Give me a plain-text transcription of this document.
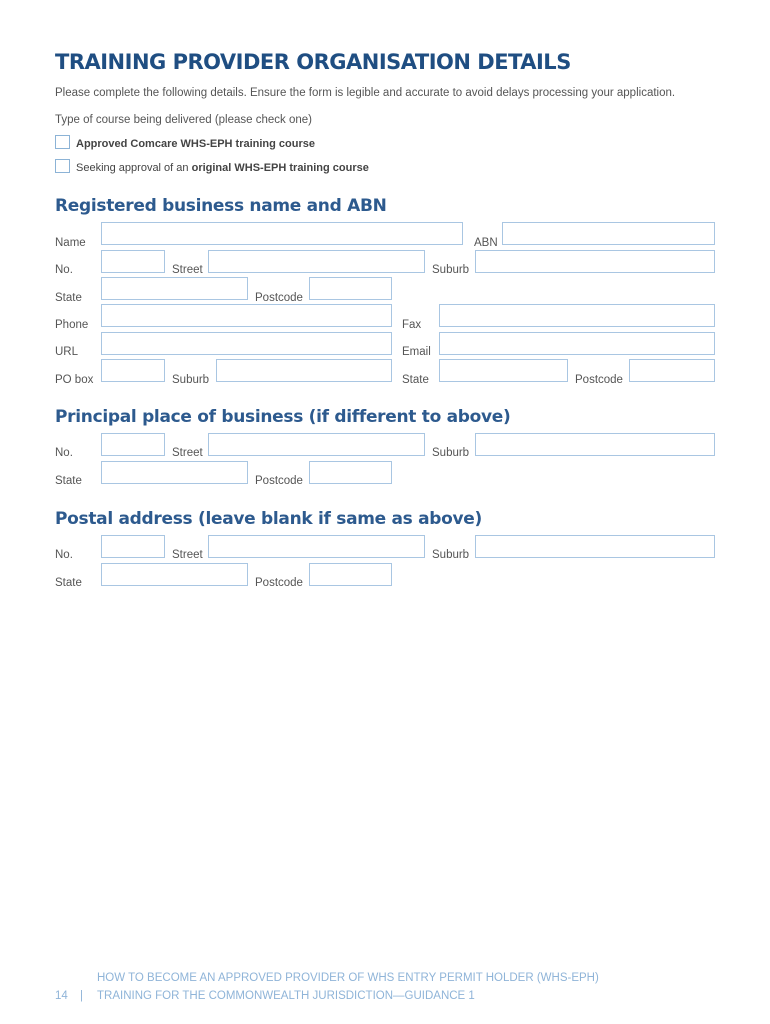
TRAINING PROVIDER ORGANISATION DETAILS
Please complete the following details. Ensure the form is legible and accurate to avoid delays processing your application.
Type of course being delivered (please check one)
Approved Comcare WHS-EPH training course
Seeking approval of an original WHS-EPH training course
Registered business name and ABN
Name	ABN
No.	Street	Suburb
State	Postcode
Phone	Fax
URL	Email
PO box	Suburb	State	Postcode
Principal place of business (if different to above)
No.	Street	Suburb
State	Postcode
Postal address (leave blank if same as above)
No.	Street	Suburb
State	Postcode
HOW TO BECOME AN APPROVED PROVIDER OF WHS ENTRY PERMIT HOLDER (WHS-EPH)
14 | TRAINING FOR THE COMMONWEALTH JURISDICTION—GUIDANCE 1
